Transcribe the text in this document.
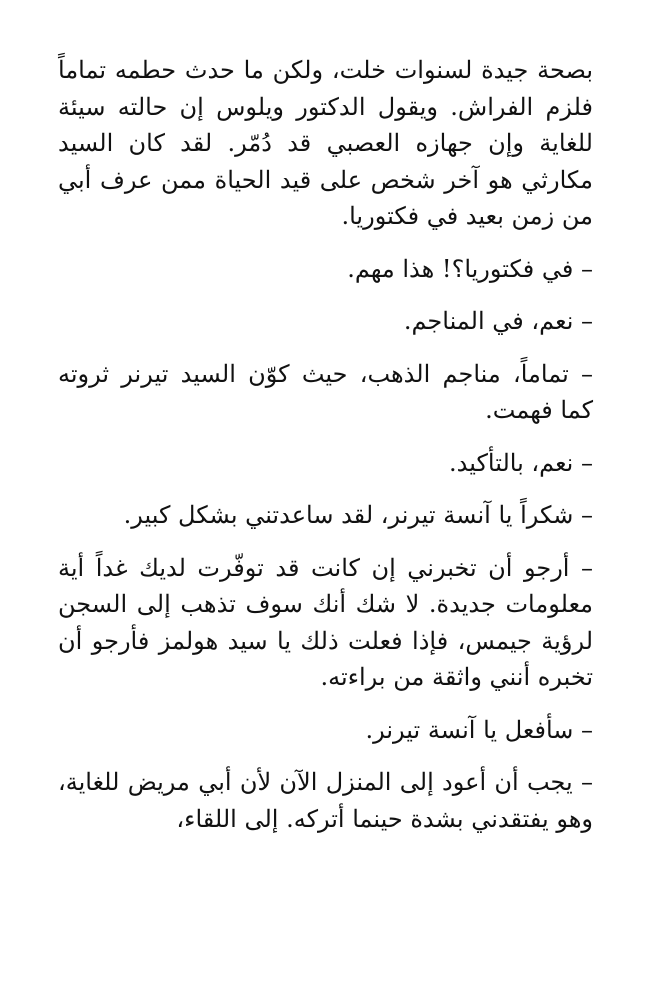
بصحة جيدة لسنوات خلت، ولكن ما حدث حطمه تماماً فلزم الفراش. ويقول الدكتور ويلوس إن حالته سيئة للغاية وإن جهازه العصبي قد دُمّر. لقد كان السيد مكارثي هو آخر شخص على قيد الحياة ممن عرف أبي من زمن بعيد في فكتوريا.

– في فكتوريا؟! هذا مهم.

– نعم، في المناجم.

– تماماً، مناجم الذهب، حيث كوّن السيد تيرنر ثروته كما فهمت.

– نعم، بالتأكيد.

– شكراً يا آنسة تيرنر، لقد ساعدتني بشكل كبير.

– أرجو أن تخبرني إن كانت قد توفّرت لديك غداً أية معلومات جديدة. لا شك أنك سوف تذهب إلى السجن لرؤية جيمس، فإذا فعلت ذلك يا سيد هولمز فأرجو أن تخبره أنني واثقة من براءته.

– سأفعل يا آنسة تيرنر.

– يجب أن أعود إلى المنزل الآن لأن أبي مريض للغاية، وهو يفتقدني بشدة حينما أتركه. إلى اللقاء،
